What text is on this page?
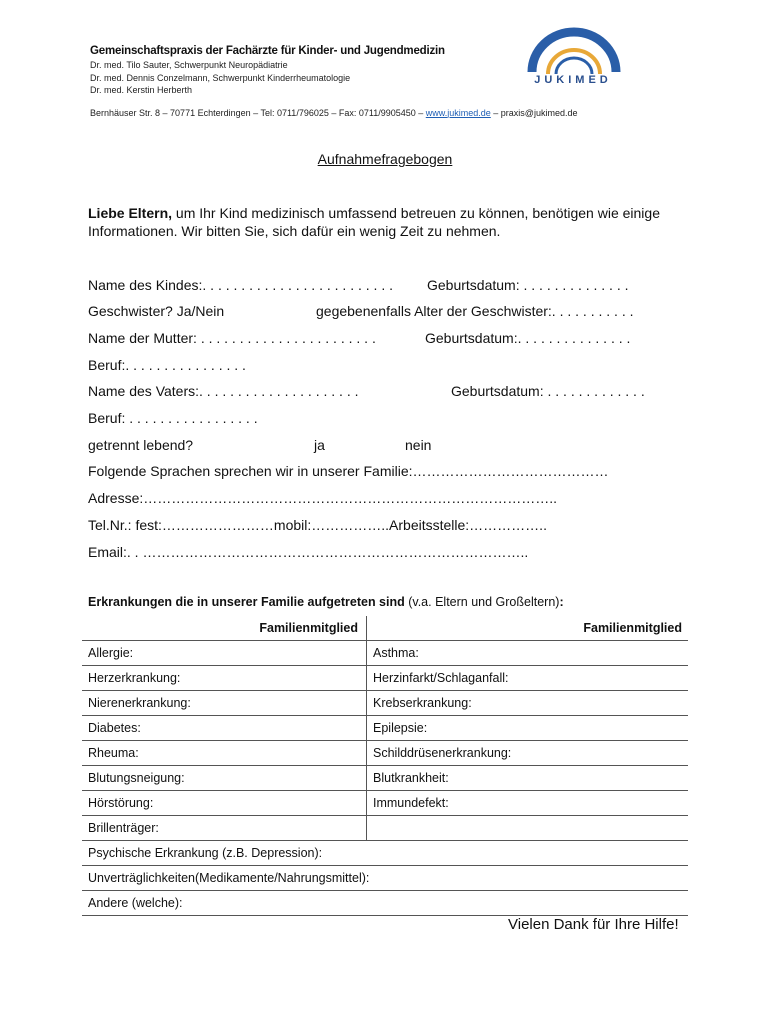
Gemeinschaftspraxis der Fachärzte für Kinder- und Jugendmedizin
Dr. med. Tilo Sauter, Schwerpunkt Neuropädiatrie
Dr. med. Dennis Conzelmann, Schwerpunkt Kinderrheumatologie
Dr. med. Kerstin Herberth
Bernhäuser Str. 8 – 70771 Echterdingen – Tel: 0711/796025 – Fax: 0711/9905450 – www.jukimed.de – praxis@jukimed.de
JUKIMED
Aufnahmefragebogen
Liebe Eltern, um Ihr Kind medizinisch umfassend betreuen zu können, benötigen wie einige Informationen. Wir bitten Sie, sich dafür ein wenig Zeit zu nehmen.
Name des Kindes:. . . . . . . . . . . . . . . . . . . . . . . . . Geburtsdatum: . . . . . . . . . . . . . .
Geschwister? Ja/Nein	gegebenenfalls Alter der Geschwister:. . . . . . . . . . .
Name der Mutter: . . . . . . . . . . . . . . . . . . . . . . .	Geburtsdatum:. . . . . . . . . . . . . . .
Beruf:. . . . . . . . . . . . . . . .
Name des Vaters:. . . . . . . . . . . . . . . . . . . . .	Geburtsdatum: . . . . . . . . . . . . .
Beruf: . . . . . . . . . . . . . . . . .
getrennt lebend?	ja	nein
Folgende Sprachen sprechen wir in unserer Familie:……………………………………
Adresse:……………………………………………………………………………..
Tel.Nr.: fest:……………………mobil:……………..Arbeitsstelle:……………..
Email:. . ………………………………………………………………………..
Erkrankungen die in unserer Familie aufgetreten sind (v.a. Eltern und Großeltern):
Familienmitglied	Familienmitglied
Allergie:	Asthma:
Herzerkrankung:	Herzinfarkt/Schlaganfall:
Nierenerkrankung:	Krebserkrankung:
Diabetes:	Epilepsie:
Rheuma:	Schilddrüsenerkrankung:
Blutungsneigung:	Blutkrankheit:
Hörstörung:	Immundefekt:
Brillenträger:	
Psychische Erkrankung (z.B. Depression):	
Unverträglichkeiten(Medikamente/Nahrungsmittel):	
Andere (welche):	
Vielen Dank für Ihre Hilfe!
